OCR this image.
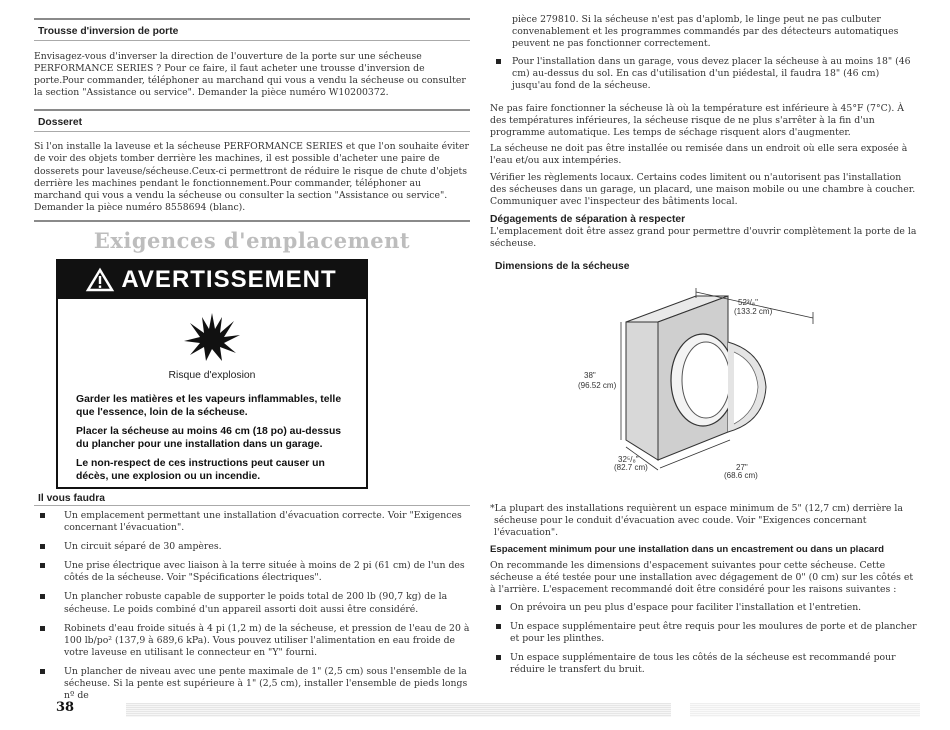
Trousse d'inversion de porte

Envisagez-vous d'inverser la direction de l'ouverture de la porte sur une sécheuse PERFORMANCE SERIES ? Pour ce faire, il faut acheter une trousse d'inversion de porte.Pour commander, téléphoner au marchand qui vous a vendu la sécheuse ou consulter la section "Assistance ou service". Demander la pièce numéro W10200372.

Dosseret

Si l'on installe la laveuse et la sécheuse PERFORMANCE SERIES et que l'on souhaite éviter de voir des objets tomber derrière les machines, il est possible d'acheter une paire de dosserets pour laveuse/sécheuse.Ceux-ci permettront de réduire le risque de chute d'objets derrière les machines pendant le fonctionnement.Pour commander, téléphoner au marchand qui vous a vendu la sécheuse ou consulter la section "Assistance ou service". Demander la pièce numéro 8558694 (blanc).

Exigences d'emplacement
AVERTISSEMENT
Risque d'explosion

Garder les matières et les vapeurs inflammables, telle que l'essence, loin de la sécheuse.

Placer la sécheuse au moins 46 cm (18 po) au-dessus du plancher pour une installation dans un garage.

Le non-respect de ces instructions peut causer un décès, une explosion ou un incendie.

Il vous faudra
Un emplacement permettant une installation d'évacuation correcte. Voir "Exigences concernant l'évacuation".
Un circuit séparé de 30 ampères.
Une prise électrique avec liaison à la terre située à moins de 2 pi (61 cm) de l'un des côtés de la sécheuse. Voir "Spécifications électriques".
Un plancher robuste capable de supporter le poids total de 200 lb (90,7 kg) de la sécheuse. Le poids combiné d'un appareil assorti doit aussi être considéré.
Robinets d'eau froide situés à 4 pi (1,2 m) de la sécheuse, et pression de l'eau de 20 à 100 lb/po² (137,9 à 689,6 kPa). Vous pouvez utiliser l'alimentation en eau froide de votre laveuse en utilisant le connecteur en "Y" fourni.
Un plancher de niveau avec une pente maximale de 1" (2,5 cm) sous l'ensemble de la sécheuse. Si la pente est supérieure à 1" (2,5 cm), installer l'ensemble de pieds longs nº de

pièce 279810. Si la sécheuse n'est pas d'aplomb, le linge peut ne pas culbuter convenablement et les programmes commandés par des détecteurs automatiques peuvent ne pas fonctionner correctement.

Pour l'installation dans un garage, vous devez placer la sécheuse à au moins 18" (46 cm) au-dessus du sol. En cas d'utilisation d'un piédestal, il faudra 18" (46 cm) jusqu'au fond de la sécheuse.

Ne pas faire fonctionner la sécheuse là où la température est inférieure à 45°F (7°C). À des températures inférieures, la sécheuse risque de ne plus s'arrêter à la fin d'un programme automatique. Les temps de séchage risquent alors d'augmenter.

La sécheuse ne doit pas être installée ou remisée dans un endroit où elle sera exposée à l'eau et/ou aux intempéries.

Vérifier les règlements locaux. Certains codes limitent ou n'autorisent pas l'installation des sécheuses dans un garage, un placard, une maison mobile ou une chambre à coucher. Communiquer avec l'inspecteur des bâtiments local.

Dégagements de séparation à respecter

L'emplacement doit être assez grand pour permettre d'ouvrir complètement la porte de la sécheuse.

Dimensions de la sécheuse
52³/₈"
(133.2 cm)
38"
(96.52 cm)
32⁵/₈"
(82.7 cm)	27"
(68.6 cm)

*La plupart des installations requièrent un espace minimum de 5" (12,7 cm) derrière la sécheuse pour le conduit d'évacuation avec coude. Voir "Exigences concernant l'évacuation".

Espacement minimum pour une installation dans un encastrement ou dans un placard

On recommande les dimensions d'espacement suivantes pour cette sécheuse. Cette sécheuse a été testée pour une installation avec dégagement de 0" (0 cm) sur les côtés et à l'arrière. L'espacement recommandé doit être considéré pour les raisons suivantes :

On prévoira un peu plus d'espace pour faciliter l'installation et l'entretien.
Un espace supplémentaire peut être requis pour les moulures de porte et de plancher et pour les plinthes.
Un espace supplémentaire de tous les côtés de la sécheuse est recommandé pour réduire le transfert du bruit.
38
